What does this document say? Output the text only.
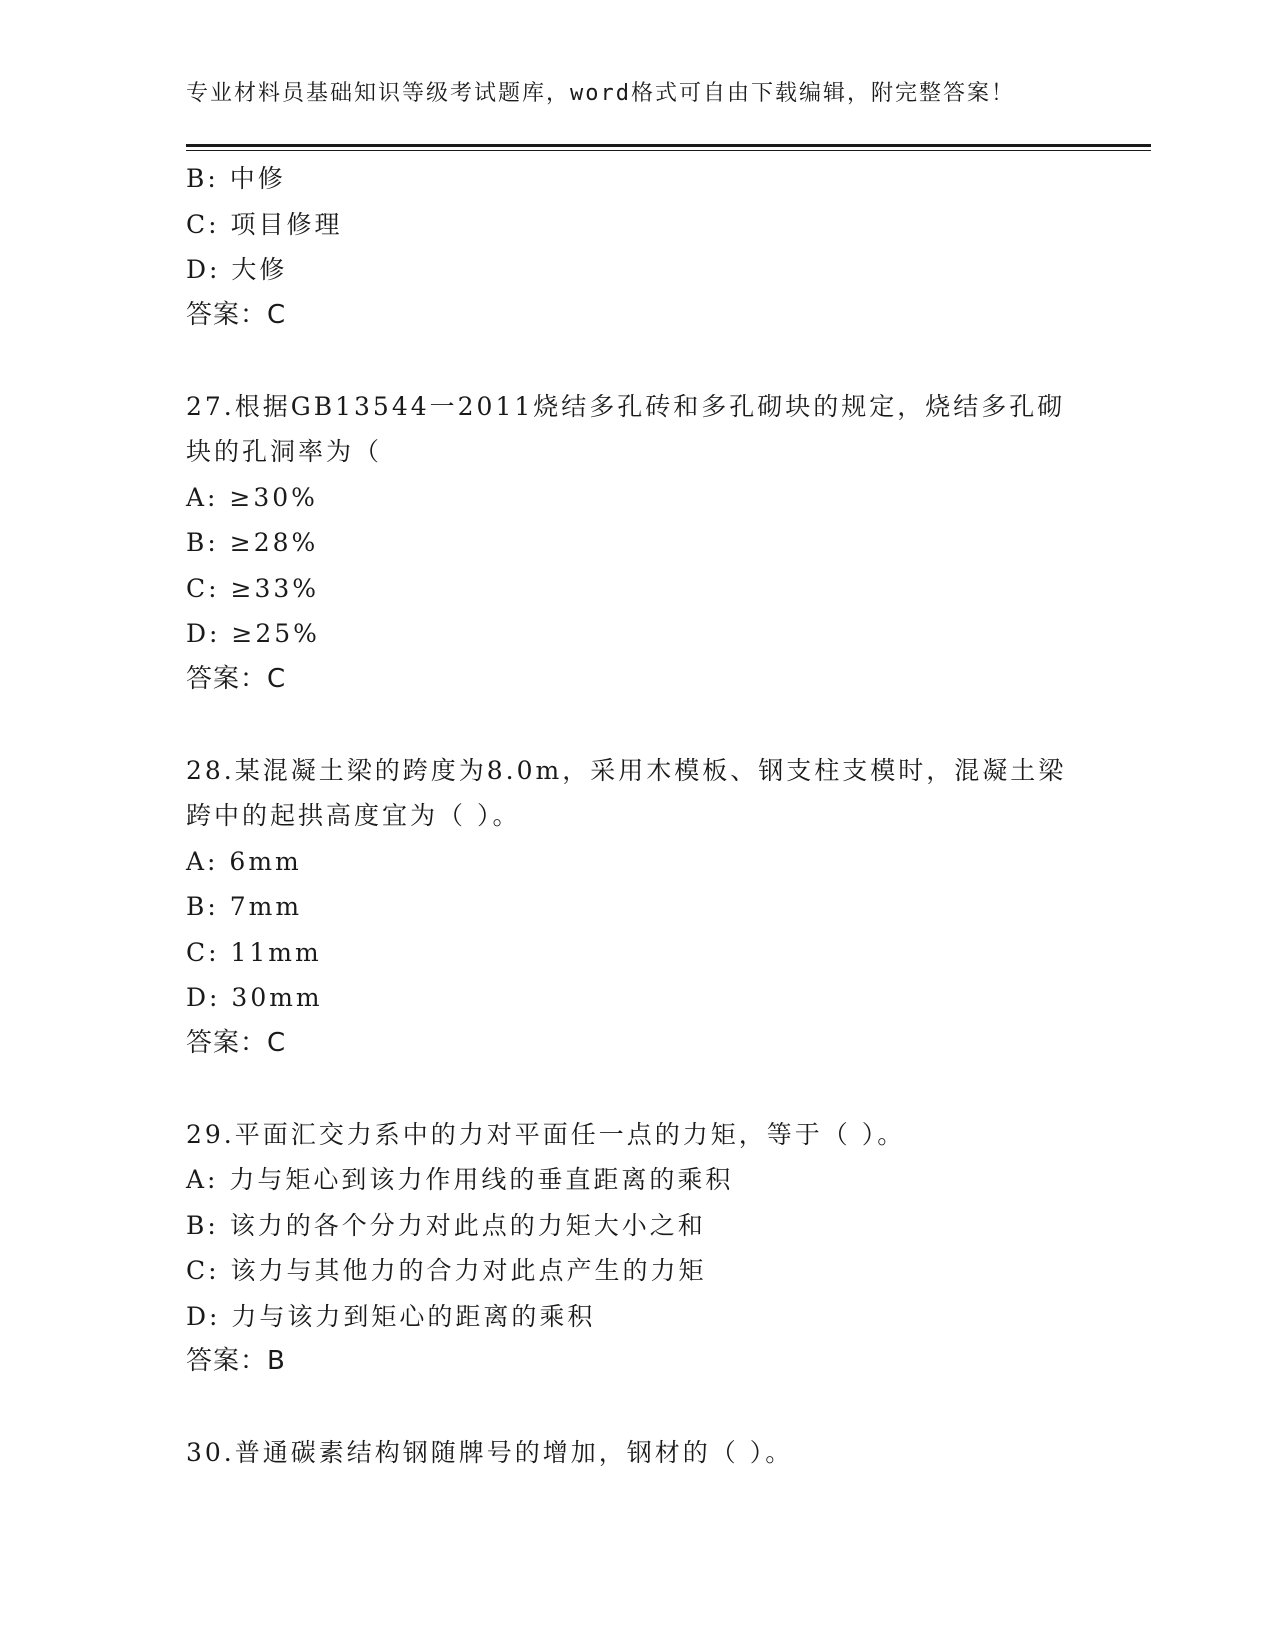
专业材料员基础知识等级考试题库，word格式可自由下载编辑，附完整答案！
B: 中修
C: 项目修理
D: 大修
答案：C
27.根据GB13544一2011烧结多孔砖和多孔砌块的规定，烧结多孔砌
块的孔洞率为（
A: ≥30%
B: ≥28%
C: ≥33%
D: ≥25%
答案：C
28.某混凝土梁的跨度为8.0m，采用木模板、钢支柱支模时，混凝土梁
跨中的起拱高度宜为（ ）。
A: 6mm
B: 7mm
C: 11mm
D: 30mm
答案：C
29.平面汇交力系中的力对平面任一点的力矩，等于（ ）。
A: 力与矩心到该力作用线的垂直距离的乘积
B: 该力的各个分力对此点的力矩大小之和
C: 该力与其他力的合力对此点产生的力矩
D: 力与该力到矩心的距离的乘积
答案：B
30.普通碳素结构钢随牌号的增加，钢材的（ ）。
